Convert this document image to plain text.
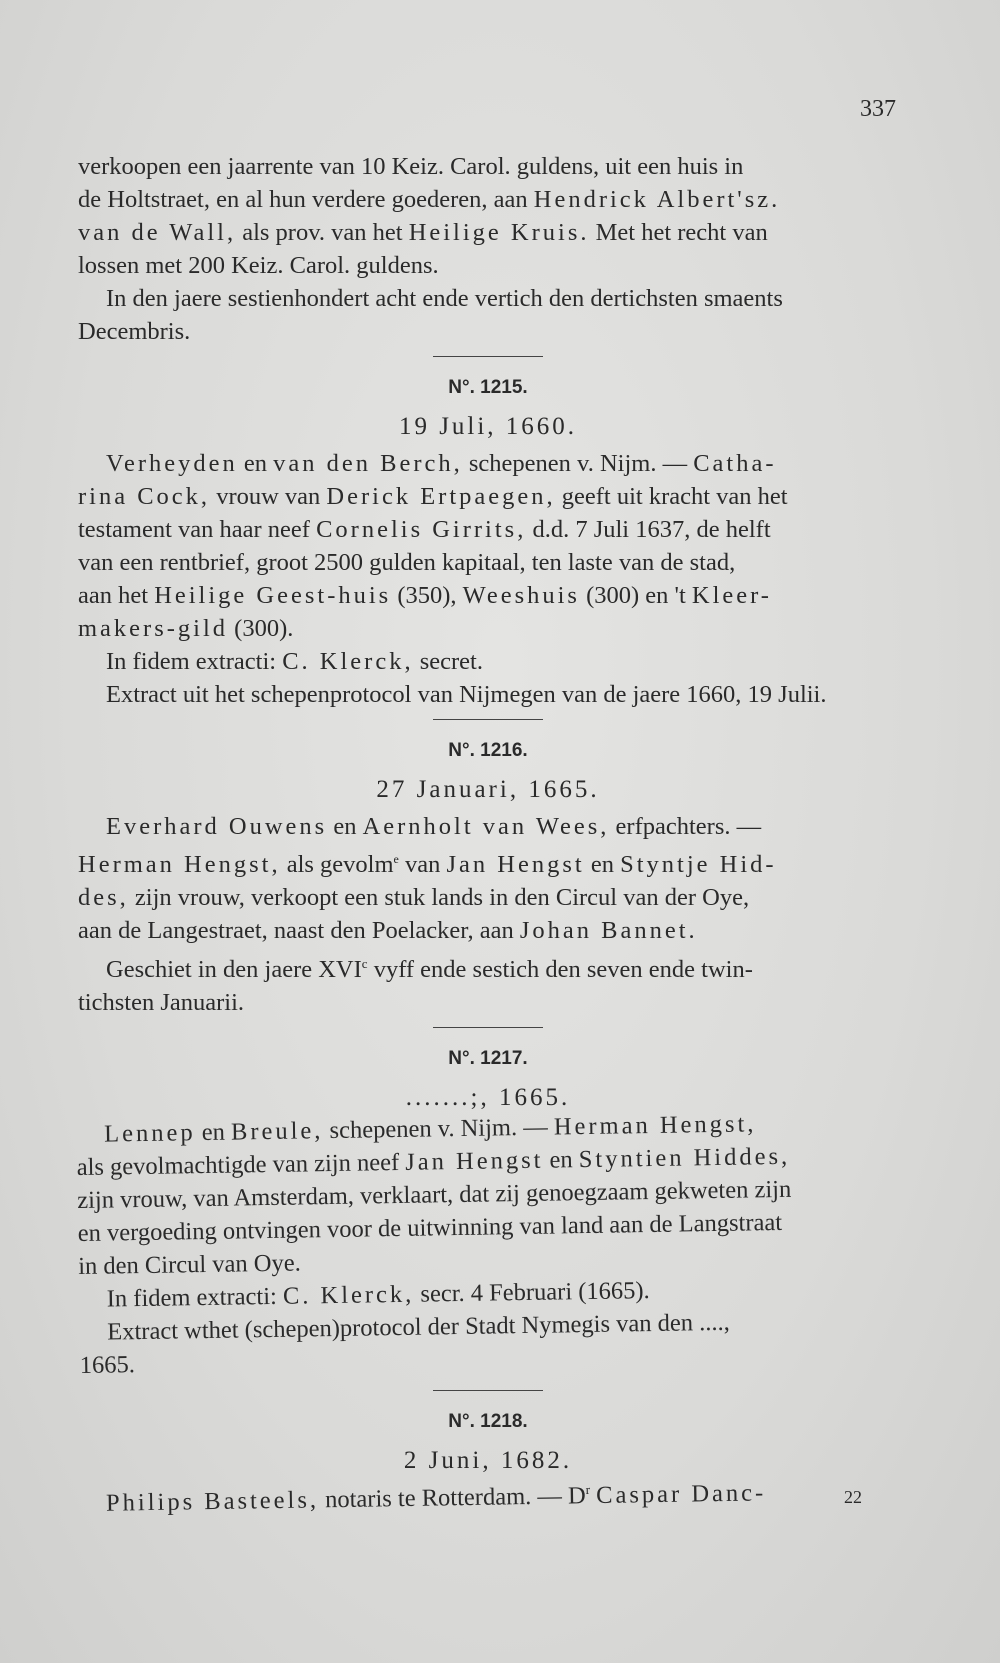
337

verkoopen een jaarrente van 10 Keiz. Carol. guldens, uit een huis in

de Holtstraet, en al hun verdere goederen, aan Hendrick Albert'sz.

van de Wall, als prov. van het Heilige Kruis. Met het recht van

lossen met 200 Keiz. Carol. guldens.

In den jaere sestienhondert acht ende vertich den dertichsten smaents

Decembris.

N°. 1215.
19 Juli, 1660.

Verheyden en van den Berch, schepenen v. Nijm. — Catha-

rina Cock, vrouw van Derick Ertpaegen, geeft uit kracht van het

testament van haar neef Cornelis Girrits, d.d. 7 Juli 1637, de helft

van een rentbrief, groot 2500 gulden kapitaal, ten laste van de stad,

aan het Heilige Geest-huis (350), Weeshuis (300) en 't Kleer-

makers-gild (300).

In fidem extracti: C. Klerck, secret.

Extract uit het schepenprotocol van Nijmegen van de jaere 1660, 19 Julii.

N°. 1216.
27 Januari, 1665.

Everhard Ouwens en Aernholt van Wees, erfpachters. —

Herman Hengst, als gevolm$^e$ van Jan Hengst en Styntje Hid-

des, zijn vrouw, verkoopt een stuk lands in den Circul van der Oye,

aan de Langestraet, naast den Poelacker, aan Johan Bannet.

Geschiet in den jaere XVI$^c$ vyff ende sestich den seven ende twin-

tichsten Januarii.

N°. 1217.
.......;, 1665.

Lennep en Breule, schepenen v. Nijm. — Herman Hengst,

als gevolmachtigde van zijn neef Jan Hengst en Styntien Hiddes,

zijn vrouw, van Amsterdam, verklaart, dat zij genoegzaam gekweten zijn

en vergoeding ontvingen voor de uitwinning van land aan de Langstraat

in den Circul van Oye.

In fidem extracti: C. Klerck, secr. 4 Februari (1665).

Extract wthet (schepen)protocol der Stadt Nymegis van den ....,

1665.

N°. 1218.
2 Juni, 1682.

Philips Basteels, notaris te Rotterdam. — $D^r$ Caspar Danc-	22
